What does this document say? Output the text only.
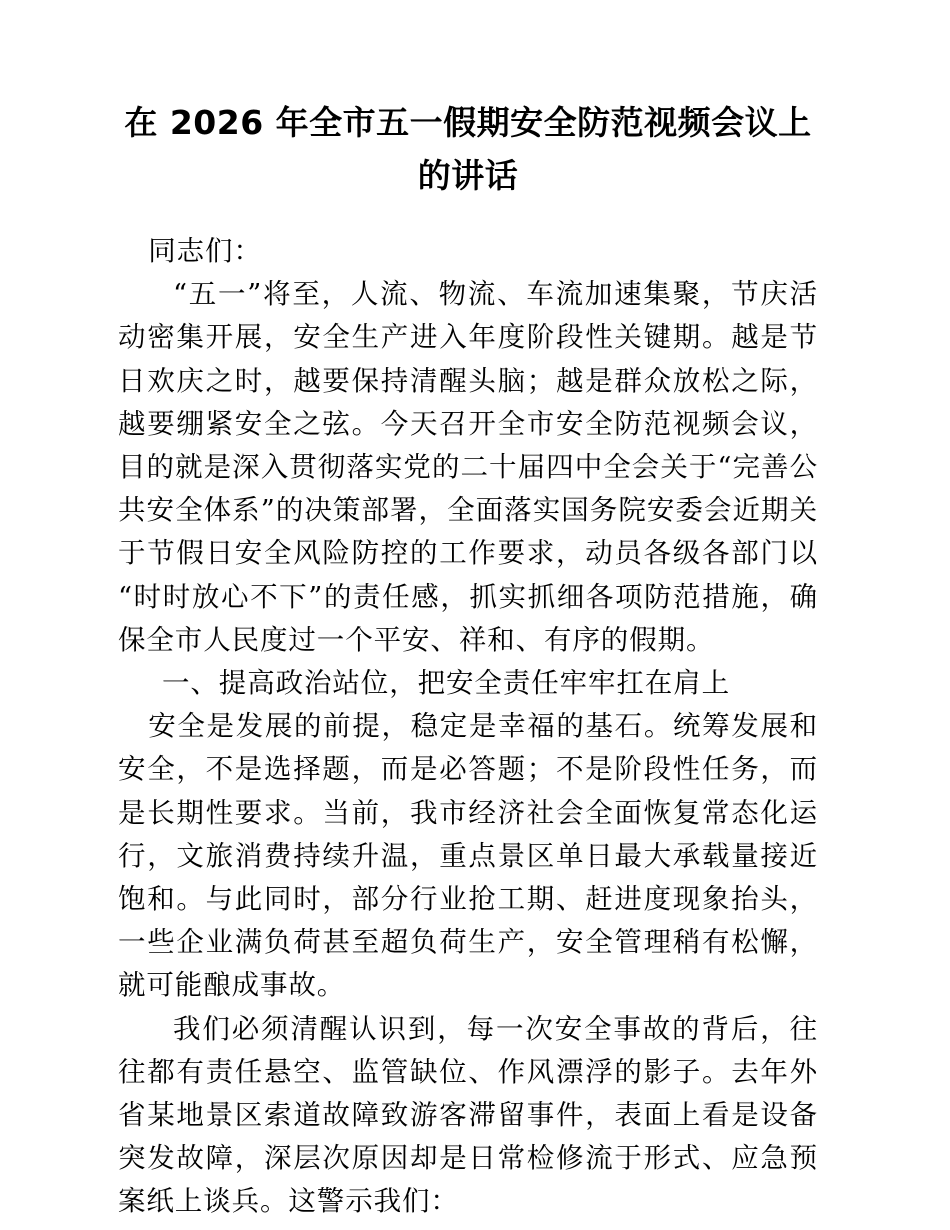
在 2026 年全市五一假期安全防范视频会议上的讲话

同志们：

“五一”将至，人流、物流、车流加速集聚，节庆活动密集开展，安全生产进入年度阶段性关键期。越是节日欢庆之时，越要保持清醒头脑；越是群众放松之际，越要绷紧安全之弦。今天召开全市安全防范视频会议，目的就是深入贯彻落实党的二十届四中全会关于“完善公共安全体系”的决策部署，全面落实国务院安委会近期关于节假日安全风险防控的工作要求，动员各级各部门以“时时放心不下”的责任感，抓实抓细各项防范措施，确保全市人民度过一个平安、祥和、有序的假期。

一、提高政治站位，把安全责任牢牢扛在肩上

安全是发展的前提，稳定是幸福的基石。统筹发展和安全，不是选择题，而是必答题；不是阶段性任务，而是长期性要求。当前，我市经济社会全面恢复常态化运行，文旅消费持续升温，重点景区单日最大承载量接近饱和。与此同时，部分行业抢工期、赶进度现象抬头，一些企业满负荷甚至超负荷生产，安全管理稍有松懈，就可能酿成事故。

我们必须清醒认识到，每一次安全事故的背后，往往都有责任悬空、监管缺位、作风漂浮的影子。去年外省某地景区索道故障致游客滞留事件，表面上看是设备突发故障，深层次原因却是日常检修流于形式、应急预案纸上谈兵。这警示我们：
